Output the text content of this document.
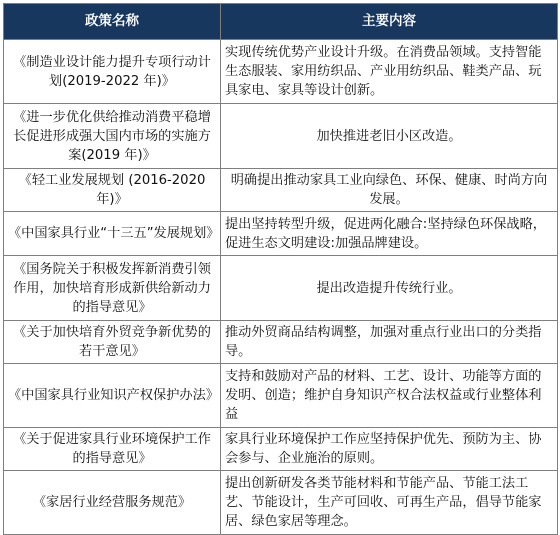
政策名称	主要内容
《制造业设计能力提升专项行动计划(2019-2022 年)》	实现传统优势产业设计升级。在消费品领域。支持智能生态服装、家用纺织品、产业用纺织品、鞋类产品、玩具家电、家具等设计创新。
《进一步优化供给推动消费平稳增长促进形成强大国内市场的实施方案(2019 年)》	加快推进老旧小区改造。
《轻工业发展规划 (2016-2020 年)》	明确提出推动家具工业向绿色、环保、健康、时尚方向发展。
《中国家具行业“十三五”发展规划》	提出坚持转型升级，促进两化融合:坚持绿色环保战略，促进生态文明建设:加强品牌建设。
《国务院关于积极发挥新消费引领作用，加快培育形成新供给新动力的指导意见》	提出改造提升传统行业。
《关于加快培育外贸竞争新优势的若干意见》	推动外贸商品结构调整，加强对重点行业出口的分类指导。
《中国家具行业知识产权保护办法》	支持和鼓励对产品的材料、工艺、设计、功能等方面的发明、创造；维护自身知识产权合法权益或行业整体利益
《关于促进家具行业环境保护工作的指导意见》	家具行业环境保护工作应坚持保护优先、预防为主、协会参与、企业施治的原则。
《家居行业经营服务规范》	提出创新研发各类节能材料和节能产品、节能工法工艺、节能设计，生产可回收、可再生产品，倡导节能家居、绿色家居等理念。
